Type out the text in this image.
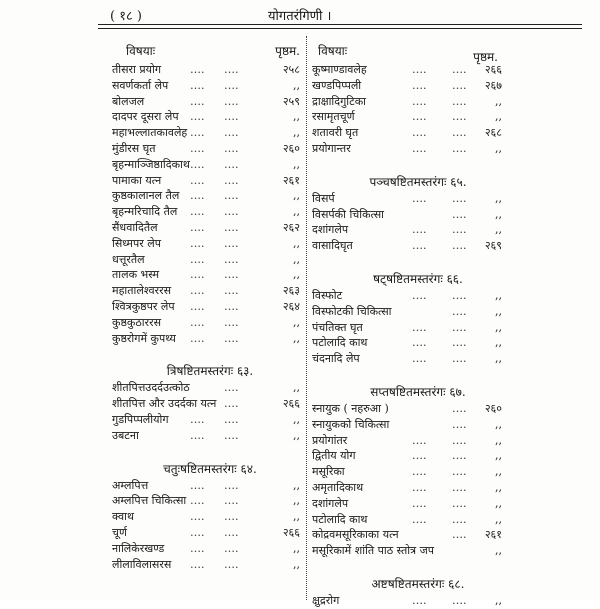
( १८ )	योगतरंगिणी ।
विषयाः	पृष्ठम.
तीसरा प्रयोग	…. ….	२५८
सवर्णकर्ता लेप …. ….	,,
बोलजल	…. ….	२५९
दादपर दूसरा लेप …. ….	,,
महाभल्लातकावलेह …. ….	,,
मुंडीरस घृत	…. ….	२६०
बृहन्माञ्जिष्ठादिकाथ …. ….	,,
पामाका यत्न	…. ….	२६१
कुष्ठकालानल तैल …. ….	,,
बृहन्मरिचादि तैल …. ….	,,
सैंधवादितैल	…. ….	२६२
सिध्मपर लेप	…. ….	,,
धत्तूरतैल	…. ….	,,
तालक भस्म	…. ….	,,
महातालेश्वररस …. ….	२६३
श्वित्रकुष्ठपर लेप …. ….	२६४
कुष्ठकुठाररस	…. ….	,,
कुष्ठरोगमें कुपथ्य …. ….	,,
त्रिषष्टितमस्तरंगः ६३.
शीतपित्तउदर्दउत्कोठ	….	,,
शीतपित्त और उदर्दका यत्न ….	२६६
गुडपिप्पलीयोग …. ….	,,
उबटना	…. ….	,,
चतुःषष्टितमस्तरंगः ६४.
अम्लपित्त	…. ….	,,
अम्लपित्त चिकित्सा …. ….	,,
क्वाथ	…. ….	,,
चूर्ण	…. ….	२६६
नालिकेरखण्ड …. ….	,,
लीलाविलासरस …. ….	,,
विषयाः	पृष्ठम.
कूष्माण्डावलेह	…. …. २६६
खण्डपिप्पली	…. …. २६७
द्राक्षादिगुटिका	…. ….	,,
रसामृतचूर्ण	…. ….	,,
शतावरी घृत	…. …. २६८
प्रयोगान्तर	…. ….	,,
पञ्चषष्टितमस्तरंगः ६५.
विसर्प	…. ….	,,
विसर्पकी चिकित्सा	….	,,
दशांगलेप	…. ….	,,
वासादिघृत	…. …. २६९
षट्षष्टितमस्तरंगः ६६.
विस्फोट	…. ….	,,
विस्फोटकी चिकित्सा	….	,,
पंचतिक्त घृत	…. ….	,,
पटोलादि काथ	…. ….	,,
चंदनादि लेप	…. ….	,,
सप्तषष्टितमस्तरंगः ६७.
स्नायुक ( नहरुआ )	…. २६०
स्नायुकको चिकित्सा	….	,,
प्रयोगांतर	…. ….	,,
द्वितीय योग	…. ….	,,
मसूरिका	…. ….	,,
अमृतादिकाथ	…. ….	,,
दशांगलेप	…. ….	,,
पटोलादि काथ	…. ….	,,
कोद्रवमसूरिकाका यत्न	…. २६१
मसूरिकामें शांति पाठ स्तोत्र जप	,,
अष्टषष्टितमस्तरंगः ६८.
क्षुद्ररोग	…. ….	,,
